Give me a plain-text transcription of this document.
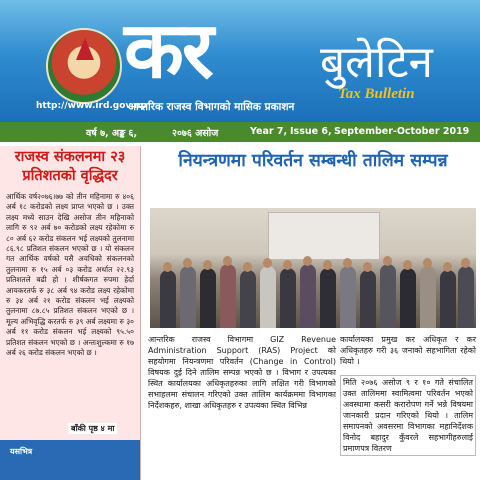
कर बुलेटिन
Tax Bulletin
http://www.ird.gov.np
आन्तरिक राजस्व विभागको मासिक प्रकाशन
वर्ष ७, अङ्क ६,	२०७६ असोज	Year 7, Issue 6, September-October 2019
राजस्व संकलनमा २३ प्रतिशतको वृद्धिदर
आर्थिक वर्ष२०७६।७७ को तीन महिनामा रु ४०६ अर्ब १८ करोडको लक्ष्य प्राप्त भएको छ । उक्त लक्ष्य मध्ये साउन देखि असोज तीन महिनाको लागि रु ९२ अर्ब ७० करोडको लक्ष्य रहेकोमा रु ८० अर्ब ६२ करोड संकलन भई लक्ष्यको तुलनामा ८६.९८ प्रतिशत संकलन भएको छ । यो संकलन गत आर्थिक वर्षको यसै अवधिको संकलनको तुलनामा रु १५ अर्ब ०३ करोड अर्थात २२.९३ प्रतिशतले बढी हो । शीर्षकगत रुपमा हेर्दा आयकरतर्फ रु ३८ अर्ब ९४ करोड लक्ष्य रहेकोमा रु ३४ अर्ब २१ करोड संकलन भई लक्ष्यको तुलनामा ८७.८५ प्रतिशत संकलन भएको छ । मूल्य अभिवृद्धि करतर्फ रु ३९ अर्ब लक्ष्यमा रु ३० अर्ब ११ करोड संकलन भई लक्ष्यको ९५.५० प्रतिशत संकलन भएको छ । अन्तःशुल्कमा रु १७ अर्ब २६ करोड संकलन भएको छ ।
बाँकी पृष्ठ ४ मा
यसभित्र
नियन्त्रणमा परिवर्तन सम्बन्धी तालिम सम्पन्न
आन्तरिक राजस्व विभागमा GIZ Revenue Administration Support (RAS) Project को सहयोगमा नियन्त्रणमा परिवर्तन (Change in Control) विषयक दुई दिने तालिम सम्पन्न भएको छ । विभाग र उपत्यका स्थित कार्यालयका अधिकृतहरुका लागि लक्षित गरी विभागको सभाहलमा संचालन गरिएको उक्त तालिम कार्यक्रममा विभागका निर्देशकहरु, शाखा अधिकृतहरु र उपत्यका स्थित विभिन्न

कार्यालयका प्रमुख कर अधिकृत र कर अधिकृतहरु गरी ३६ जनाको सहभागिता रहेको थियो ।

मिति २०७६ असोज ९ र १० गते संचालित उक्त तालिममा स्वामित्वमा परिवर्तन भएको अवस्थामा कसरी करारोपण गर्ने भन्ने विषयमा जानकारी प्रदान गरिएको थियो । तालिम समापनको अवसरमा विभागका महानिर्देशक विनोद बहादुर कुँवरले सहभागीहरुलाई प्रमाणपत्र वितरण
